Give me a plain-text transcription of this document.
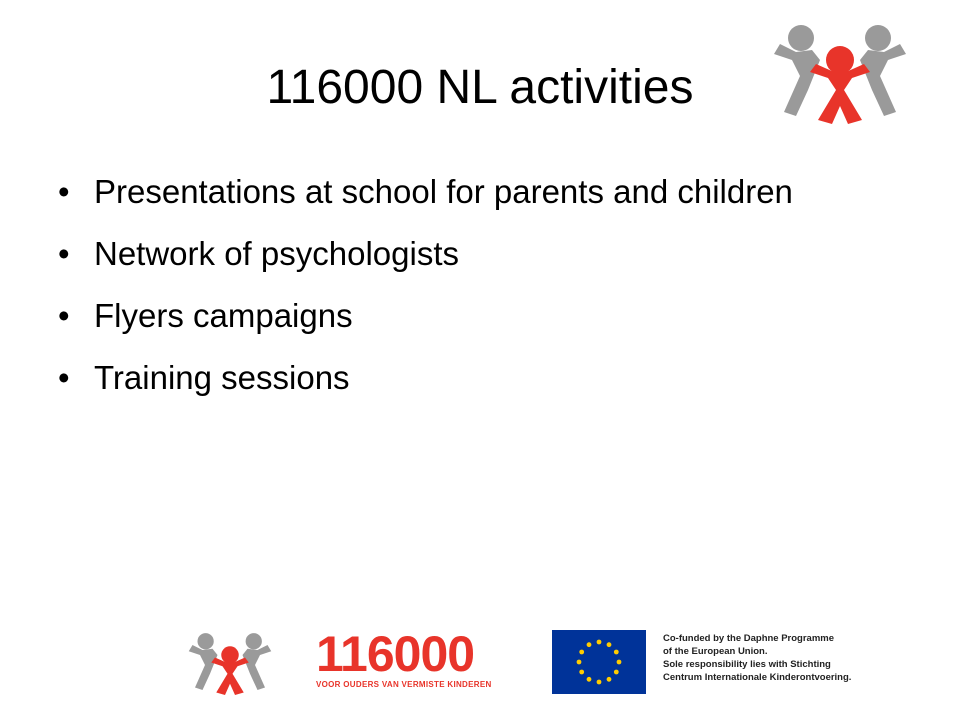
116000 NL activities
• Presentations at school for parents and children
• Network of psychologists
• Flyers campaigns
• Training sessions
116000
VOOR OUDERS VAN VERMISTE KINDEREN
Co-funded by the Daphne Programme
of the European Union.
Sole responsibility lies with Stichting
Centrum Internationale Kinderontvoering.
